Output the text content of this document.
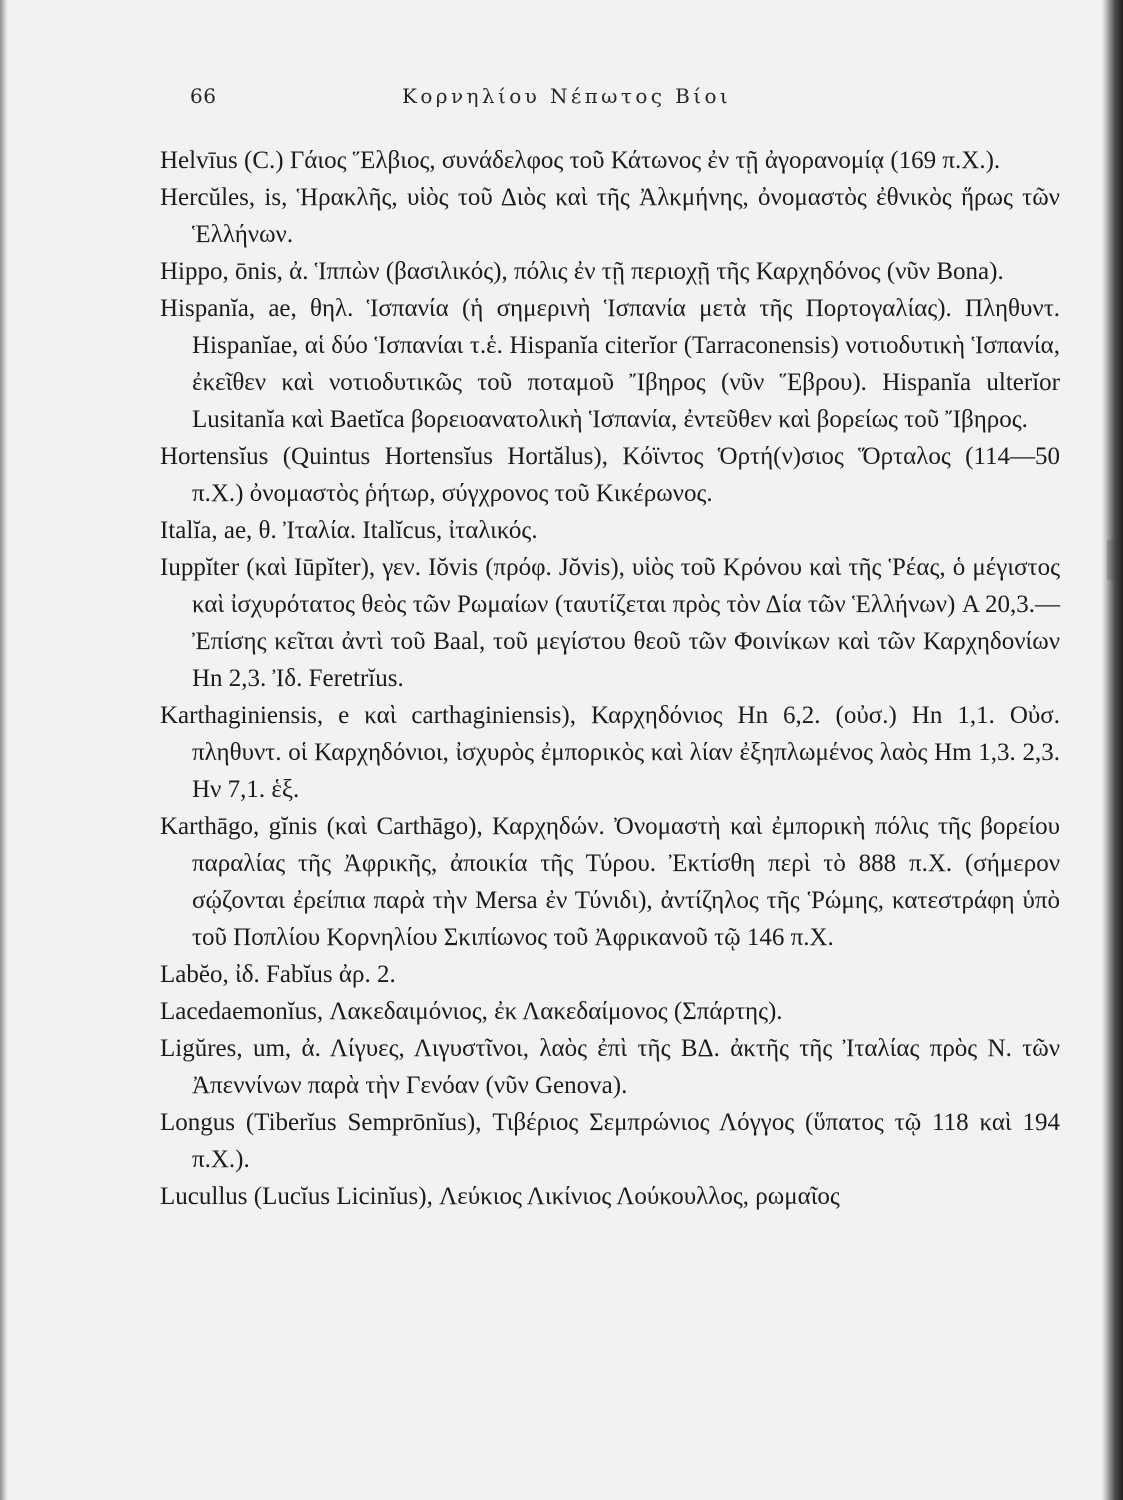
66	Κορνηλίου Νέπωτος Βίοι

Helvīus (C.) Γάιος Ἕλβιος, συνάδελφος τοῦ Κάτωνος ἐν τῇ ἀγορανομίᾳ (169 π.Χ.).

Hercŭles, is, Ἡρακλῆς, υἱὸς τοῦ Διὸς καὶ τῆς Ἀλκμήνης, ὀνομαστὸς ἐθνικὸς ἥρως τῶν Ἑλλήνων.

Hippo, ōnis, ἀ. Ἱππὼν (βασιλικός), πόλις ἐν τῇ περιοχῇ τῆς Καρχηδόνος (νῦν Bona).

Hispanĭa, ae, θηλ. Ἱσπανία (ἡ σημερινὴ Ἱσπανία μετὰ τῆς Πορτογαλίας). Πληθυντ. Hispanĭae, αἱ δύο Ἱσπανίαι τ.ἑ. Hispanĭa citerĭor (Tarraconensis) νοτιοδυτικὴ Ἱσπανία, ἐκεῖθεν καὶ νοτιοδυτικῶς τοῦ ποταμοῦ Ἴβηρος (νῦν Ἕβρου). Hispanĭa ulterĭor Lusitanĭa καὶ Baetĭca βορειοανατολικὴ Ἱσπανία, ἐντεῦθεν καὶ βορείως τοῦ Ἴβηρος.

Hortensĭus (Quintus Hortensĭus Hortălus), Κόϊντος Ὁρτή(ν)σιος Ὅρταλος (114—50 π.Χ.) ὀνομαστὸς ῥήτωρ, σύγχρονος τοῦ Κικέρωνος.

Italĭa, ae, θ. Ἰταλία. Italĭcus, ἰταλικός.

Iuppĭter (καὶ Iūpĭter), γεν. Iŏvis (πρόφ. Jŏvis), υἱὸς τοῦ Κρόνου καὶ τῆς Ῥέας, ὁ μέγιστος καὶ ἰσχυρότατος θεὸς τῶν Ρωμαίων (ταυτίζεται πρὸς τὸν Δία τῶν Ἑλλήνων) A 20,3.—Ἐπίσης κεῖται ἀντὶ τοῦ Baal, τοῦ μεγίστου θεοῦ τῶν Φοινίκων καὶ τῶν Καρχηδονίων Hn 2,3. Ἰδ. Feretrĭus.

Karthaginiensis, e καὶ carthaginiensis), Καρχηδόνιος Hn 6,2. (οὐσ.) Hn 1,1. Οὐσ. πληθυντ. οἱ Καρχηδόνιοι, ἰσχυρὸς ἐμπορικὸς καὶ λίαν ἐξηπλωμένος λαὸς Hm 1,3. 2,3. Hν 7,1. ἑξ.

Karthāgo, gĭnis (καὶ Carthāgo), Καρχηδών. Ὀνομαστὴ καὶ ἐμπορικὴ πόλις τῆς βορείου παραλίας τῆς Ἀφρικῆς, ἀποικία τῆς Τύρου. Ἐκτίσθη περὶ τὸ 888 π.Χ. (σήμερον σῴζονται ἐρείπια παρὰ τὴν Mersa ἐν Τύνιδι), ἀντίζηλος τῆς Ῥώμης, κατεστράφη ὑπὸ τοῦ Ποπλίου Κορνηλίου Σκιπίωνος τοῦ Ἀφρικανοῦ τῷ 146 π.Χ.

Labĕo, ἰδ. Fabĭus ἀρ. 2.

Lacedaemonĭus, Λακεδαιμόνιος, ἐκ Λακεδαίμονος (Σπάρτης).

Ligŭres, um, ἀ. Λίγυες, Λιγυστῖνοι, λαὸς ἐπὶ τῆς ΒΔ. ἀκτῆς τῆς Ἰταλίας πρὸς Ν. τῶν Ἀπεννίνων παρὰ τὴν Γενόαν (νῦν Genova).

Longus (Tiberĭus Semprōnĭus), Τιβέριος Σεμπρώνιος Λόγγος (ὕπατος τῷ 118 καὶ 194 π.Χ.).

Lucullus (Lucĭus Licinĭus), Λεύκιος Λικίνιος Λούκουλλος, ρωμαῖος
